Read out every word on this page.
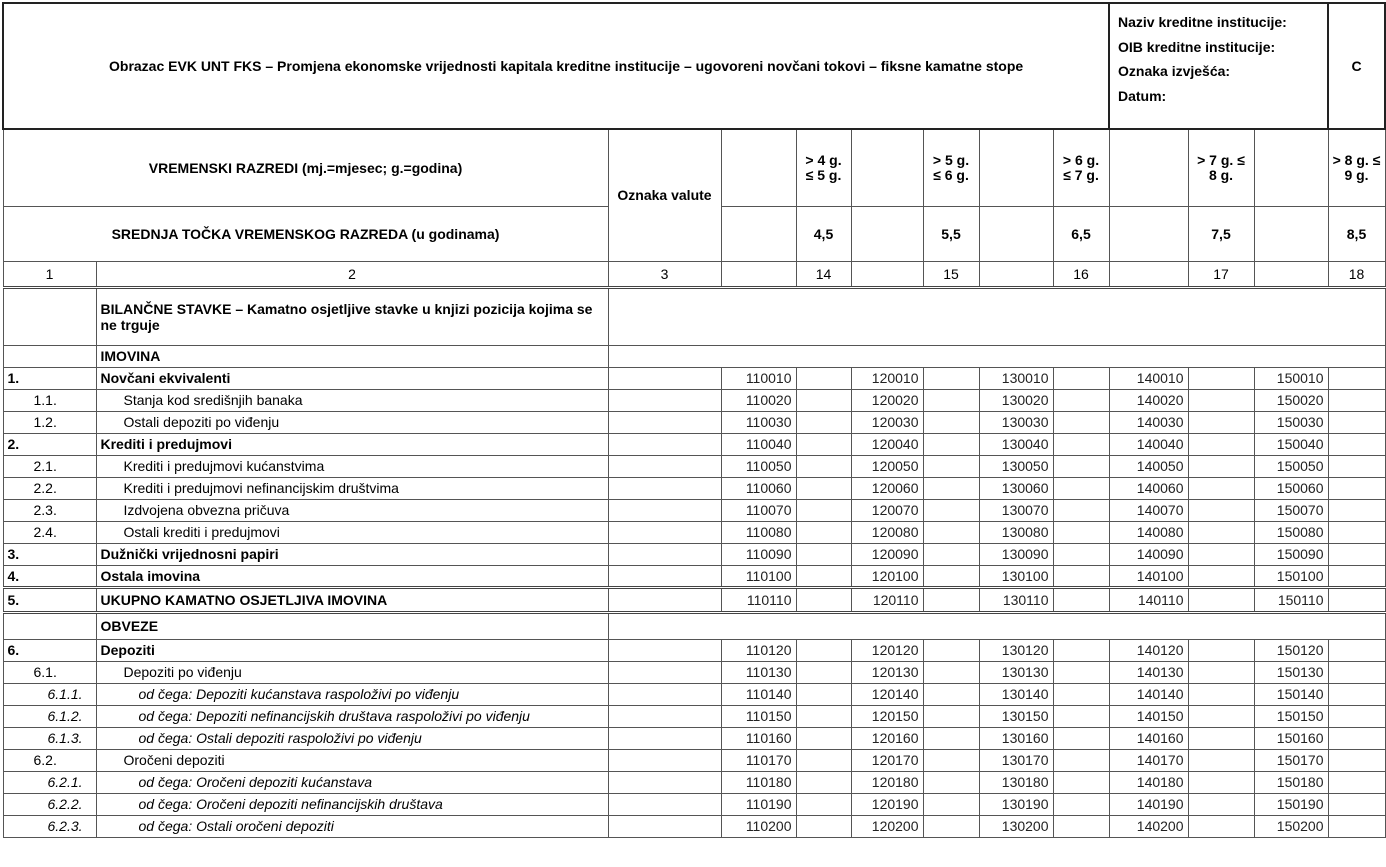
Obrazac EVK UNT FKS – Promjena ekonomske vrijednosti kapitala kreditne institucije – ugovoreni novčani tokovi – fiksne kamatne stope									Naziv kreditne institucije:
OIB kreditne institucije:
Oznaka izvješća:
Datum:			C
VREMENSKI RAZREDI (mj.=mjesec; g.=godina)		Oznaka valute		> 4 g. ≤ 5 g.		> 5 g. ≤ 6 g.		> 6 g. ≤ 7 g.		> 7 g. ≤ 8 g.		> 8 g. ≤ 9 g.
SREDNJA TOČKA VREMENSKOG RAZREDA (u godinama)				4,5		5,5		6,5		7,5		8,5
1	2	3		14		15		16		17		18
	BILANČNE STAVKE – Kamatno osjetljive stavke u knjizi pozicija kojima se ne trguje											
	IMOVINA											
1.	Novčani ekvivalenti		110010		120010		130010		140010		150010	
1.1.	Stanja kod središnjih banaka		110020		120020		130020		140020		150020	
1.2.	Ostali depoziti po viđenju		110030		120030		130030		140030		150030	
2.	Krediti i predujmovi		110040		120040		130040		140040		150040	
2.1.	Krediti i predujmovi kućanstvima		110050		120050		130050		140050		150050	
2.2.	Krediti i predujmovi nefinancijskim društvima		110060		120060		130060		140060		150060	
2.3.	Izdvojena obvezna pričuva		110070		120070		130070		140070		150070	
2.4.	Ostali krediti i predujmovi		110080		120080		130080		140080		150080	
3.	Dužnički vrijednosni papiri		110090		120090		130090		140090		150090	
4.	Ostala imovina		110100		120100		130100		140100		150100	
5.	UKUPNO KAMATNO OSJETLJIVA IMOVINA		110110		120110		130110		140110		150110	
	OBVEZE											
6.	Depoziti		110120		120120		130120		140120		150120	
6.1.	Depoziti po viđenju		110130		120130		130130		140130		150130	
6.1.1.	od čega: Depoziti kućanstava raspoloživi po viđenju		110140		120140		130140		140140		150140	
6.1.2.	od čega: Depoziti nefinancijskih društava raspoloživi po viđenju		110150		120150		130150		140150		150150	
6.1.3.	od čega: Ostali depoziti raspoloživi po viđenju		110160		120160		130160		140160		150160	
6.2.	Oročeni depoziti		110170		120170		130170		140170		150170	
6.2.1.	od čega: Oročeni depoziti kućanstava		110180		120180		130180		140180		150180	
6.2.2.	od čega: Oročeni depoziti nefinancijskih društava		110190		120190		130190		140190		150190	
6.2.3.	od čega: Ostali oročeni depoziti		110200		120200		130200		140200		150200	
